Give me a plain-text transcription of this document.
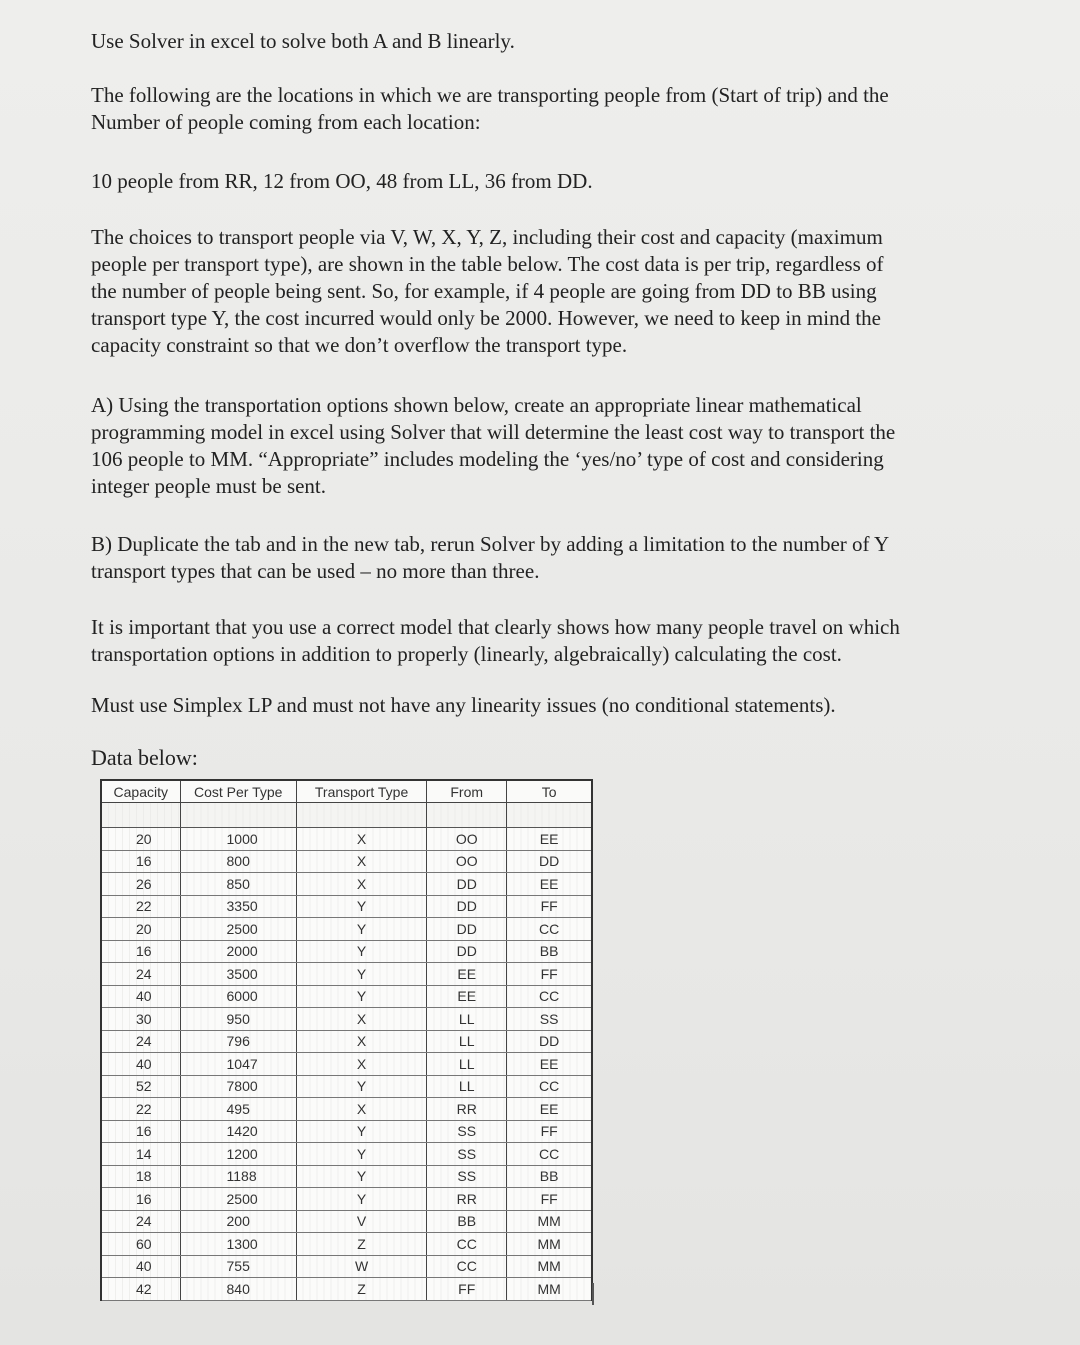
Use Solver in excel to solve both A and B linearly.

The following are the locations in which we are transporting people from (Start of trip) and the
Number of people coming from each location:

10 people from RR, 12 from OO, 48 from LL, 36 from DD.

The choices to transport people via V, W, X, Y, Z, including their cost and capacity (maximum
people per transport type), are shown in the table below. The cost data is per trip, regardless of
the number of people being sent. So, for example, if 4 people are going from DD to BB using
transport type Y, the cost incurred would only be 2000. However, we need to keep in mind the
capacity constraint so that we don’t overflow the transport type.

A) Using the transportation options shown below, create an appropriate linear mathematical
programming model in excel using Solver that will determine the least cost way to transport the
106 people to MM. “Appropriate” includes modeling the ‘yes/no’ type of cost and considering
integer people must be sent.

B) Duplicate the tab and in the new tab, rerun Solver by adding a limitation to the number of Y
transport types that can be used – no more than three.

It is important that you use a correct model that clearly shows how many people travel on which
transportation options in addition to properly (linearly, algebraically) calculating the cost.

Must use Simplex LP and must not have any linearity issues (no conditional statements).

Data below:

Capacity	Cost Per Type	Transport Type	From	To

20	1000	X	OO	EE
16	800	X	OO	DD
26	850	X	DD	EE
22	3350	Y	DD	FF
20	2500	Y	DD	CC
16	2000	Y	DD	BB
24	3500	Y	EE	FF
40	6000	Y	EE	CC
30	950	X	LL	SS
24	796	X	LL	DD
40	1047	X	LL	EE
52	7800	Y	LL	CC
22	495	X	RR	EE
16	1420	Y	SS	FF
14	1200	Y	SS	CC
18	1188	Y	SS	BB
16	2500	Y	RR	FF
24	200	V	BB	MM
60	1300	Z	CC	MM
40	755	W	CC	MM
42	840	Z	FF	MM
